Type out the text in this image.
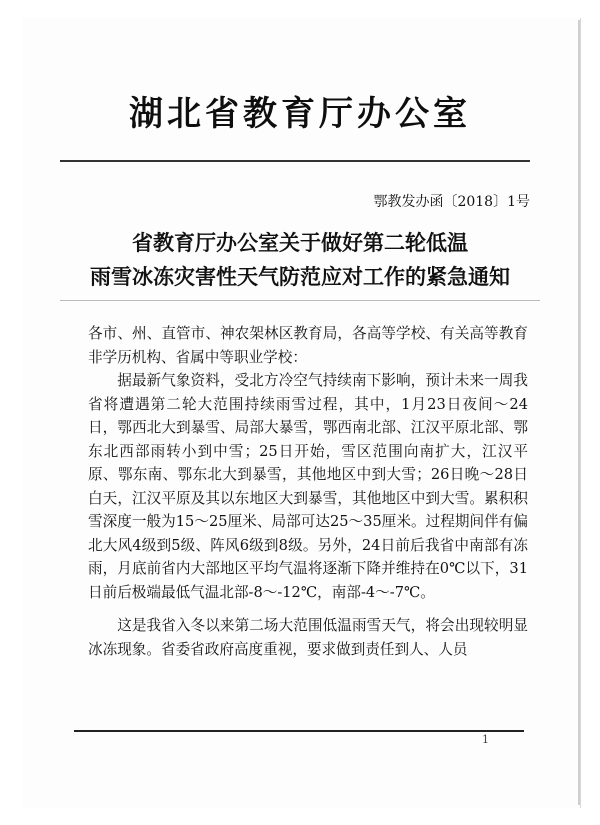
湖北省教育厅办公室
鄂教发办函〔2018〕1号
省教育厅办公室关于做好第二轮低温
雨雪冰冻灾害性天气防范应对工作的紧急通知

各市、州、直管市、神农架林区教育局，各高等学校、有关高等教育非学历机构、省属中等职业学校：

据最新气象资料，受北方冷空气持续南下影响，预计未来一周我省将遭遇第二轮大范围持续雨雪过程，其中，1月23日夜间～24日，鄂西北大到暴雪、局部大暴雪，鄂西南北部、江汉平原北部、鄂东北西部雨转小到中雪；25日开始，雪区范围向南扩大，江汉平原、鄂东南、鄂东北大到暴雪，其他地区中到大雪；26日晚～28日白天，江汉平原及其以东地区大到暴雪，其他地区中到大雪。累积积雪深度一般为15～25厘米、局部可达25～35厘米。过程期间伴有偏北大风4级到5级、阵风6级到8级。另外，24日前后我省中南部有冻雨，月底前省内大部地区平均气温将逐渐下降并维持在0℃以下，31日前后极端最低气温北部-8～-12℃，南部-4～-7℃。

这是我省入冬以来第二场大范围低温雨雪天气，将会出现较明显冰冻现象。省委省政府高度重视，要求做到责任到人、人员

1
